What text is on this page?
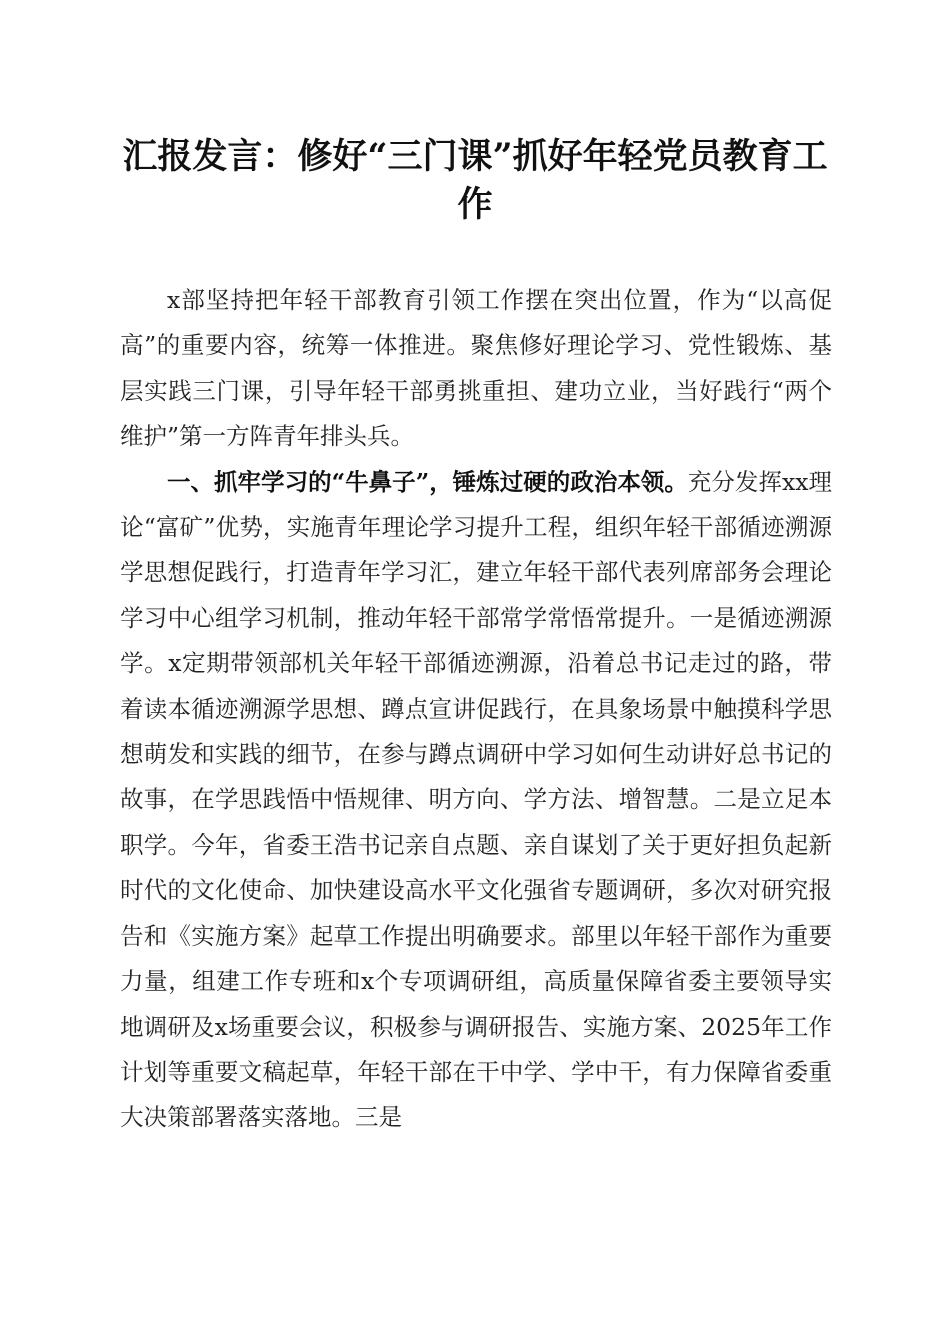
汇报发言：修好“三门课”抓好年轻党员教育工作

x部坚持把年轻干部教育引领工作摆在突出位置，作为“以高促高”的重要内容，统筹一体推进。聚焦修好理论学习、党性锻炼、基层实践三门课，引导年轻干部勇挑重担、建功立业，当好践行“两个维护”第一方阵青年排头兵。

一、抓牢学习的“牛鼻子”，锤炼过硬的政治本领。充分发挥xx理论“富矿”优势，实施青年理论学习提升工程，组织年轻干部循迹溯源学思想促践行，打造青年学习汇，建立年轻干部代表列席部务会理论学习中心组学习机制，推动年轻干部常学常悟常提升。一是循迹溯源学。x定期带领部机关年轻干部循迹溯源，沿着总书记走过的路，带着读本循迹溯源学思想、蹲点宣讲促践行，在具象场景中触摸科学思想萌发和实践的细节，在参与蹲点调研中学习如何生动讲好总书记的故事，在学思践悟中悟规律、明方向、学方法、增智慧。二是立足本职学。今年，省委王浩书记亲自点题、亲自谋划了关于更好担负起新时代的文化使命、加快建设高水平文化强省专题调研，多次对研究报告和《实施方案》起草工作提出明确要求。部里以年轻干部作为重要力量，组建工作专班和x个专项调研组，高质量保障省委主要领导实地调研及x场重要会议，积极参与调研报告、实施方案、2025年工作计划等重要文稿起草，年轻干部在干中学、学中干，有力保障省委重大决策部署落实落地。三是
